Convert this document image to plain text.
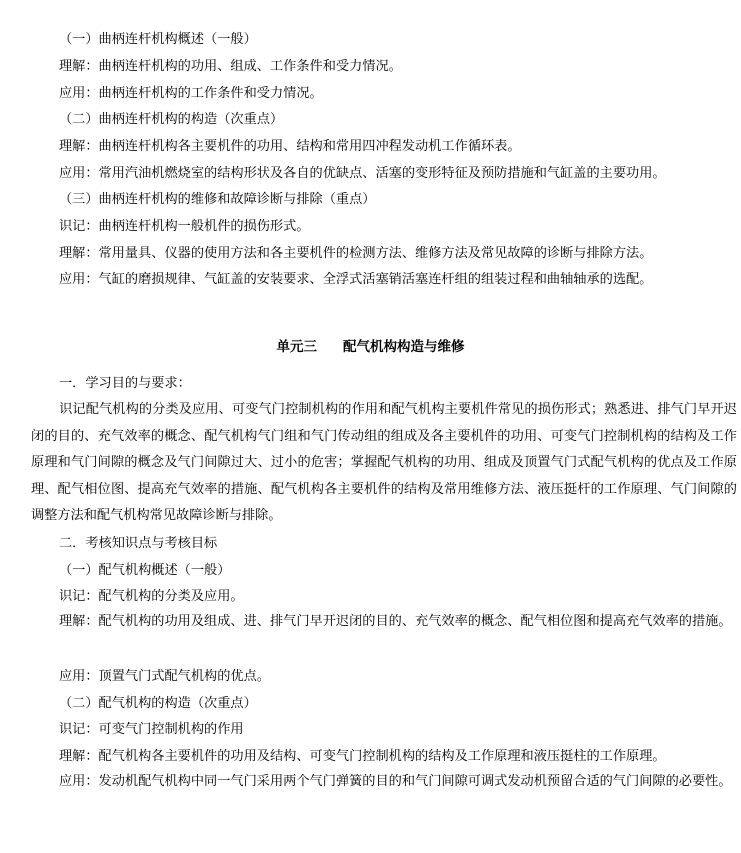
（一）曲柄连杆机构概述（一般）
理解：曲柄连杆机构的功用、组成、工作条件和受力情况。
应用：曲柄连杆机构的工作条件和受力情况。
（二）曲柄连杆机构的构造（次重点）
理解：曲柄连杆机构各主要机件的功用、结构和常用四冲程发动机工作循环表。
应用：常用汽油机燃烧室的结构形状及各自的优缺点、活塞的变形特征及预防措施和气缸盖的主要功用。
（三）曲柄连杆机构的维修和故障诊断与排除（重点）
识记：曲柄连杆机构一般机件的损伤形式。
理解：常用量具、仪器的使用方法和各主要机件的检测方法、维修方法及常见故障的诊断与排除方法。
应用：气缸的磨损规律、气缸盖的安装要求、全浮式活塞销活塞连杆组的组装过程和曲轴轴承的选配。
单元三 配气机构构造与维修
一．学习目的与要求：
识记配气机构的分类及应用、可变气门控制机构的作用和配气机构主要机件常见的损伤形式；熟悉进、排气门早开迟闭的目的、充气效率的概念、配气机构气门组和气门传动组的组成及各主要机件的功用、可变气门控制机构的结构及工作原理和气门间隙的概念及气门间隙过大、过小的危害；掌握配气机构的功用、组成及顶置气门式配气机构的优点及工作原理、配气相位图、提高充气效率的措施、配气机构各主要机件的结构及常用维修方法、液压挺杆的工作原理、气门间隙的调整方法和配气机构常见故障诊断与排除。
二．考核知识点与考核目标
（一）配气机构概述（一般）
识记：配气机构的分类及应用。
理解：配气机构的功用及组成、进、排气门早开迟闭的目的、充气效率的概念、配气相位图和提高充气效率的措施。
应用：顶置气门式配气机构的优点。
（二）配气机构的构造（次重点）
识记：可变气门控制机构的作用
理解：配气机构各主要机件的功用及结构、可变气门控制机构的结构及工作原理和液压挺柱的工作原理。
应用：发动机配气机构中同一气门采用两个气门弹簧的目的和气门间隙可调式发动机预留合适的气门间隙的必要性。
